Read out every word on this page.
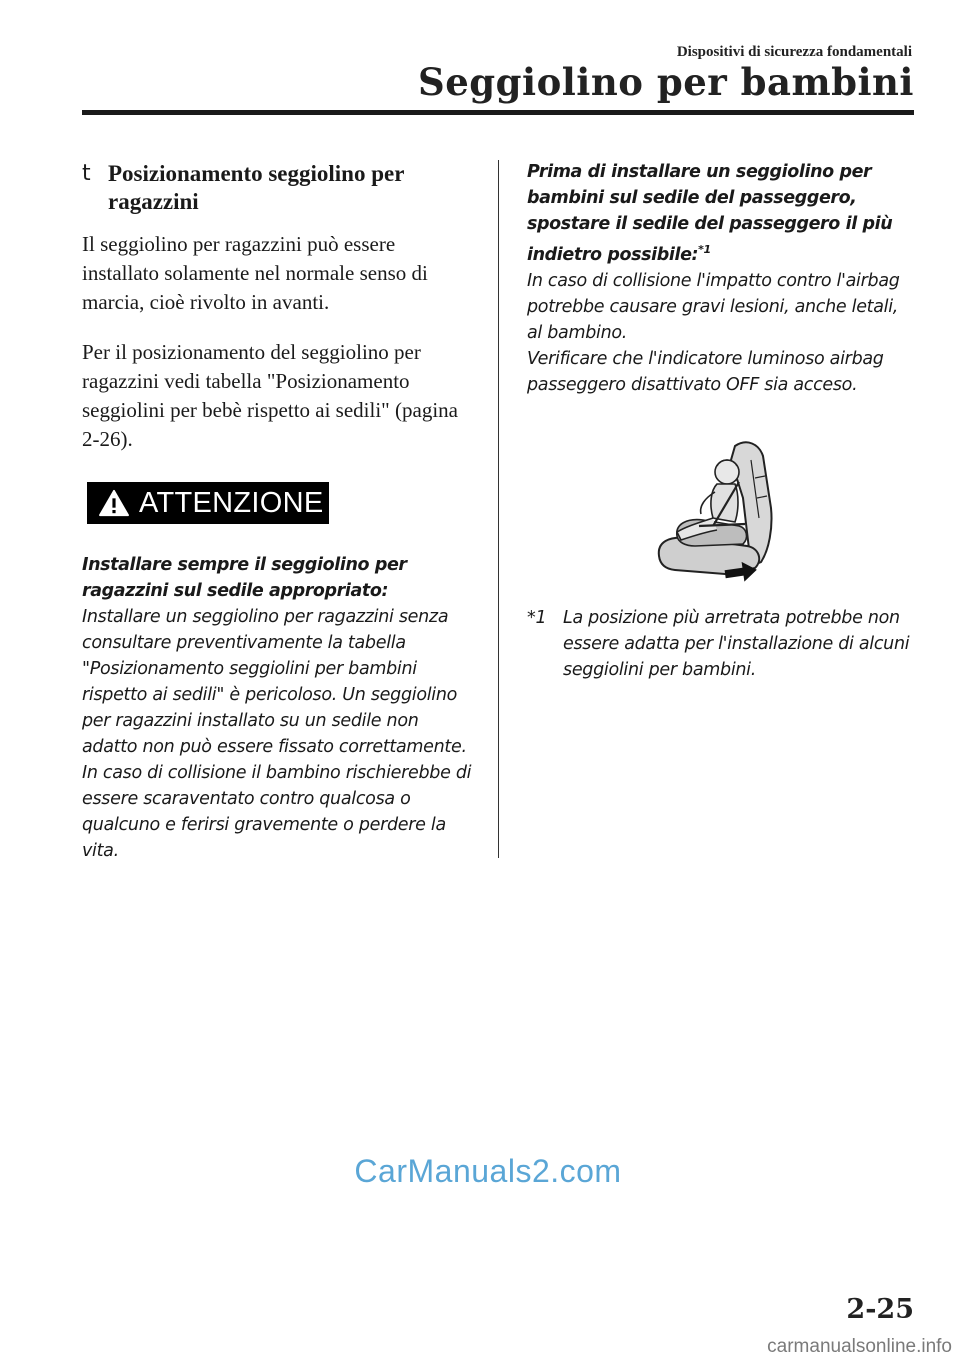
Dispositivi di sicurezza fondamentali
Seggiolino per bambini
t Posizionamento seggiolino per ragazzini

Il seggiolino per ragazzini può essere installato solamente nel normale senso di marcia, cioè rivolto in avanti.

Per il posizionamento del seggiolino per ragazzini vedi tabella "Posizionamento seggiolini per bebè rispetto ai sedili" (pagina 2-26).

ATTENZIONE
Installare sempre il seggiolino per ragazzini sul sedile appropriato:
Installare un seggiolino per ragazzini senza consultare preventivamente la tabella "Posizionamento seggiolini per bambini rispetto ai sedili" è pericoloso. Un seggiolino per ragazzini installato su un sedile non adatto non può essere fissato correttamente. In caso di collisione il bambino rischierebbe di essere scaraventato contro qualcosa o qualcuno e ferirsi gravemente o perdere la vita.
Prima di installare un seggiolino per bambini sul sedile del passeggero, spostare il sedile del passeggero il più indietro possibile:$^{*1}$
In caso di collisione l'impatto contro l'airbag potrebbe causare gravi lesioni, anche letali, al bambino.
Verificare che l'indicatore luminoso airbag passeggero disattivato OFF sia acceso.
*1 La posizione più arretrata potrebbe non essere adatta per l'installazione di alcuni seggiolini per bambini.
CarManuals2.com
2-25
carmanualsonline.info
